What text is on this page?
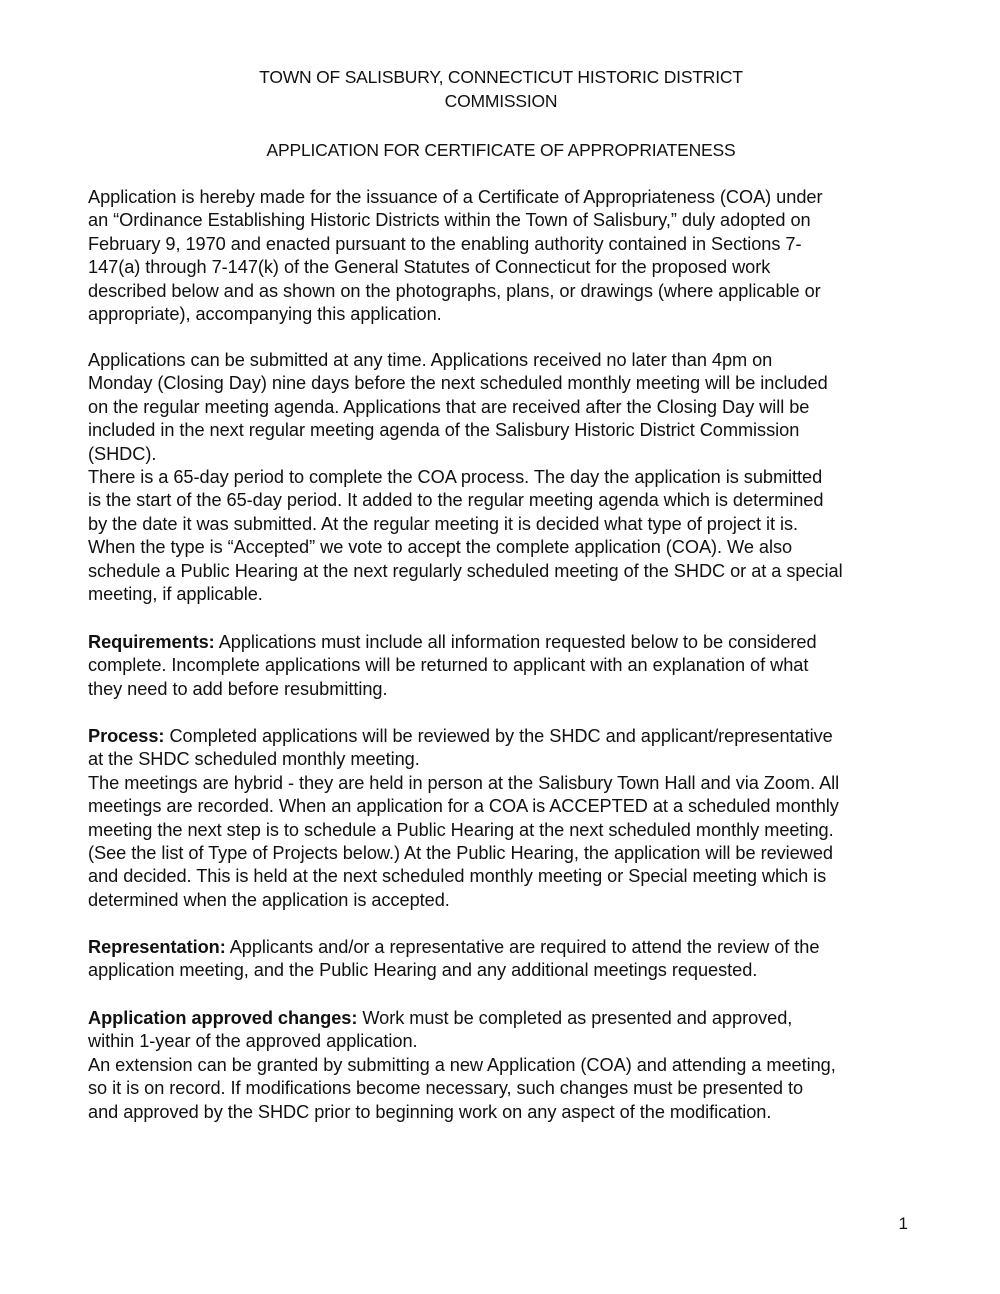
TOWN OF SALISBURY, CONNECTICUT HISTORIC DISTRICT
COMMISSION
APPLICATION FOR CERTIFICATE OF APPROPRIATENESS
Application is hereby made for the issuance of a Certificate of Appropriateness (COA) under
an “Ordinance Establishing Historic Districts within the Town of Salisbury,” duly adopted on
February 9, 1970 and enacted pursuant to the enabling authority contained in Sections 7-
147(a) through 7-147(k) of the General Statutes of Connecticut for the proposed work
described below and as shown on the photographs, plans, or drawings (where applicable or
appropriate), accompanying this application.
Applications can be submitted at any time. Applications received no later than 4pm on
Monday (Closing Day) nine days before the next scheduled monthly meeting will be included
on the regular meeting agenda. Applications that are received after the Closing Day will be
included in the next regular meeting agenda of the Salisbury Historic District Commission
(SHDC).
There is a 65-day period to complete the COA process. The day the application is submitted
is the start of the 65-day period. It added to the regular meeting agenda which is determined
by the date it was submitted. At the regular meeting it is decided what type of project it is.
When the type is “Accepted” we vote to accept the complete application (COA). We also
schedule a Public Hearing at the next regularly scheduled meeting of the SHDC or at a special
meeting, if applicable.
Requirements: Applications must include all information requested below to be considered
complete. Incomplete applications will be returned to applicant with an explanation of what
they need to add before resubmitting.
Process: Completed applications will be reviewed by the SHDC and applicant/representative
at the SHDC scheduled monthly meeting.
The meetings are hybrid - they are held in person at the Salisbury Town Hall and via Zoom. All
meetings are recorded. When an application for a COA is ACCEPTED at a scheduled monthly
meeting the next step is to schedule a Public Hearing at the next scheduled monthly meeting.
(See the list of Type of Projects below.) At the Public Hearing, the application will be reviewed
and decided. This is held at the next scheduled monthly meeting or Special meeting which is
determined when the application is accepted.
Representation: Applicants and/or a representative are required to attend the review of the
application meeting, and the Public Hearing and any additional meetings requested.
Application approved changes: Work must be completed as presented and approved,
within 1-year of the approved application.
An extension can be granted by submitting a new Application (COA) and attending a meeting,
so it is on record. If modifications become necessary, such changes must be presented to
and approved by the SHDC prior to beginning work on any aspect of the modification.
1
